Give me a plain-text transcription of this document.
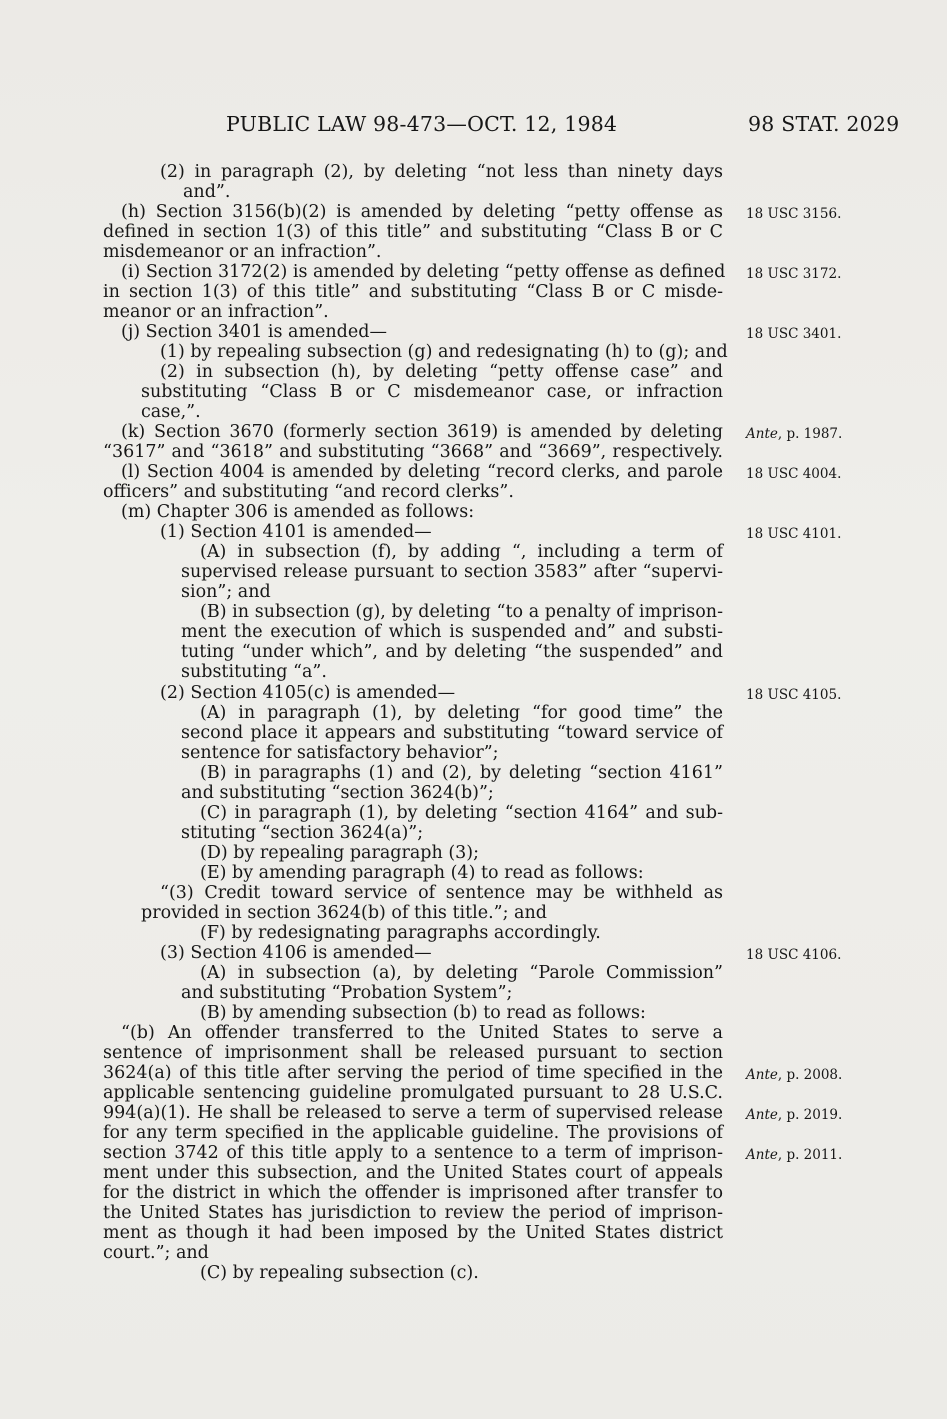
PUBLIC LAW 98-473—OCT. 12, 1984	98 STAT. 2029
(2) in paragraph (2), by deleting “not less than ninety days
and”.
(h) Section 3156(b)(2) is amended by deleting “petty offense as
defined in section 1(3) of this title” and substituting “Class B or C
misdemeanor or an infraction”.
(i) Section 3172(2) is amended by deleting “petty offense as defined
in section 1(3) of this title” and substituting “Class B or C misde-
meanor or an infraction”.
(j) Section 3401 is amended—
(1) by repealing subsection (g) and redesignating (h) to (g); and
(2) in subsection (h), by deleting “petty offense case” and
substituting “Class B or C misdemeanor case, or infraction
case,”.
(k) Section 3670 (formerly section 3619) is amended by deleting
“3617” and “3618” and substituting “3668” and “3669”, respectively.
(l) Section 4004 is amended by deleting “record clerks, and parole
officers” and substituting “and record clerks”.
(m) Chapter 306 is amended as follows:
(1) Section 4101 is amended—
(A) in subsection (f), by adding “, including a term of
supervised release pursuant to section 3583” after “supervi-
sion”; and
(B) in subsection (g), by deleting “to a penalty of imprison-
ment the execution of which is suspended and” and substi-
tuting “under which”, and by deleting “the suspended” and
substituting “a”.
(2) Section 4105(c) is amended—
(A) in paragraph (1), by deleting “for good time” the
second place it appears and substituting “toward service of
sentence for satisfactory behavior”;
(B) in paragraphs (1) and (2), by deleting “section 4161”
and substituting “section 3624(b)”;
(C) in paragraph (1), by deleting “section 4164” and sub-
stituting “section 3624(a)”;
(D) by repealing paragraph (3);
(E) by amending paragraph (4) to read as follows:
“(3) Credit toward service of sentence may be withheld as
provided in section 3624(b) of this title.”; and
(F) by redesignating paragraphs accordingly.
(3) Section 4106 is amended—
(A) in subsection (a), by deleting “Parole Commission”
and substituting “Probation System”;
(B) by amending subsection (b) to read as follows:
“(b) An offender transferred to the United States to serve a
sentence of imprisonment shall be released pursuant to section
3624(a) of this title after serving the period of time specified in the
applicable sentencing guideline promulgated pursuant to 28 U.S.C.
994(a)(1). He shall be released to serve a term of supervised release
for any term specified in the applicable guideline. The provisions of
section 3742 of this title apply to a sentence to a term of imprison-
ment under this subsection, and the United States court of appeals
for the district in which the offender is imprisoned after transfer to
the United States has jurisdiction to review the period of imprison-
ment as though it had been imposed by the United States district
court.”; and
(C) by repealing subsection (c).
18 USC 3156.
18 USC 3172.
18 USC 3401.
Ante, p. 1987.
18 USC 4004.
18 USC 4101.
18 USC 4105.
18 USC 4106.
Ante, p. 2008.
Ante, p. 2019.
Ante, p. 2011.
